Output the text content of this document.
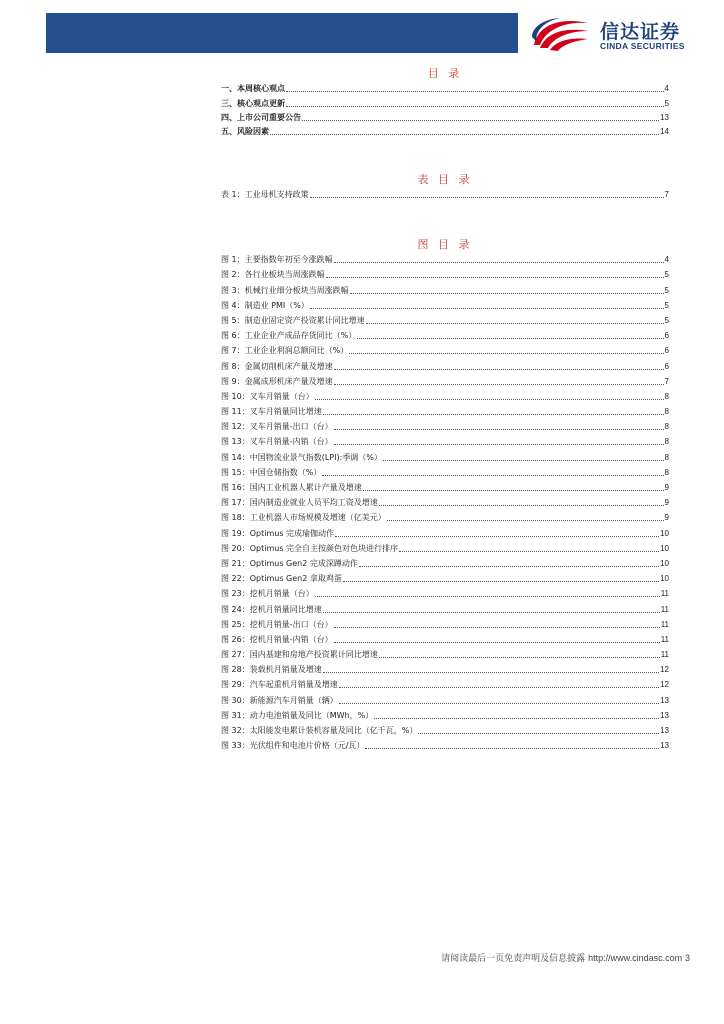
信达证券
CINDA SECURITIES
目 录
一、本周核心观点	4
三、核心观点更新	5
四、上市公司重要公告	13
五、风险因素	14
表 目 录
表 1：工业母机支持政策	7
图 目 录
图 1：主要指数年初至今涨跌幅	4
图 2：各行业板块当周涨跌幅	5
图 3：机械行业细分板块当周涨跌幅	5
图 4：制造业 PMI（%）	5
图 5：制造业固定资产投资累计同比增速	5
图 6：工业企业产成品存货同比（%）	6
图 7：工业企业利润总额同比（%）	6
图 8：金属切削机床产量及增速	6
图 9：金属成形机床产量及增速	7
图 10：叉车月销量（台）	8
图 11：叉车月销量同比增速	8
图 12：叉车月销量-出口（台）	8
图 13：叉车月销量-内销（台）	8
图 14：中国物流业景气指数(LPI):季调（%）	8
图 15：中国仓储指数（%）	8
图 16：国内工业机器人累计产量及增速	9
图 17：国内制造业就业人员平均工资及增速	9
图 18：工业机器人市场规模及增速（亿美元）	9
图 19：Optimus 完成瑜伽动作	10
图 20：Optimus 完全自主按颜色对色块进行排序	10
图 21：Optimus Gen2 完成深蹲动作	10
图 22：Optimus Gen2 拿取鸡蛋	10
图 23：挖机月销量（台）	11
图 24：挖机月销量同比增速	11
图 25：挖机月销量-出口（台）	11
图 26：挖机月销量-内销（台）	11
图 27：国内基建和房地产投资累计同比增速	11
图 28：装载机月销量及增速	12
图 29：汽车起重机月销量及增速	12
图 30：新能源汽车月销量（辆）	13
图 31：动力电池销量及同比（MWh，%）	13
图 32：太阳能发电累计装机容量及同比（亿千瓦，%）	13
图 33：光伏组件和电池片价格（元/瓦）	13
请阅读最后一页免责声明及信息披露 http://www.cindasc.com 3
